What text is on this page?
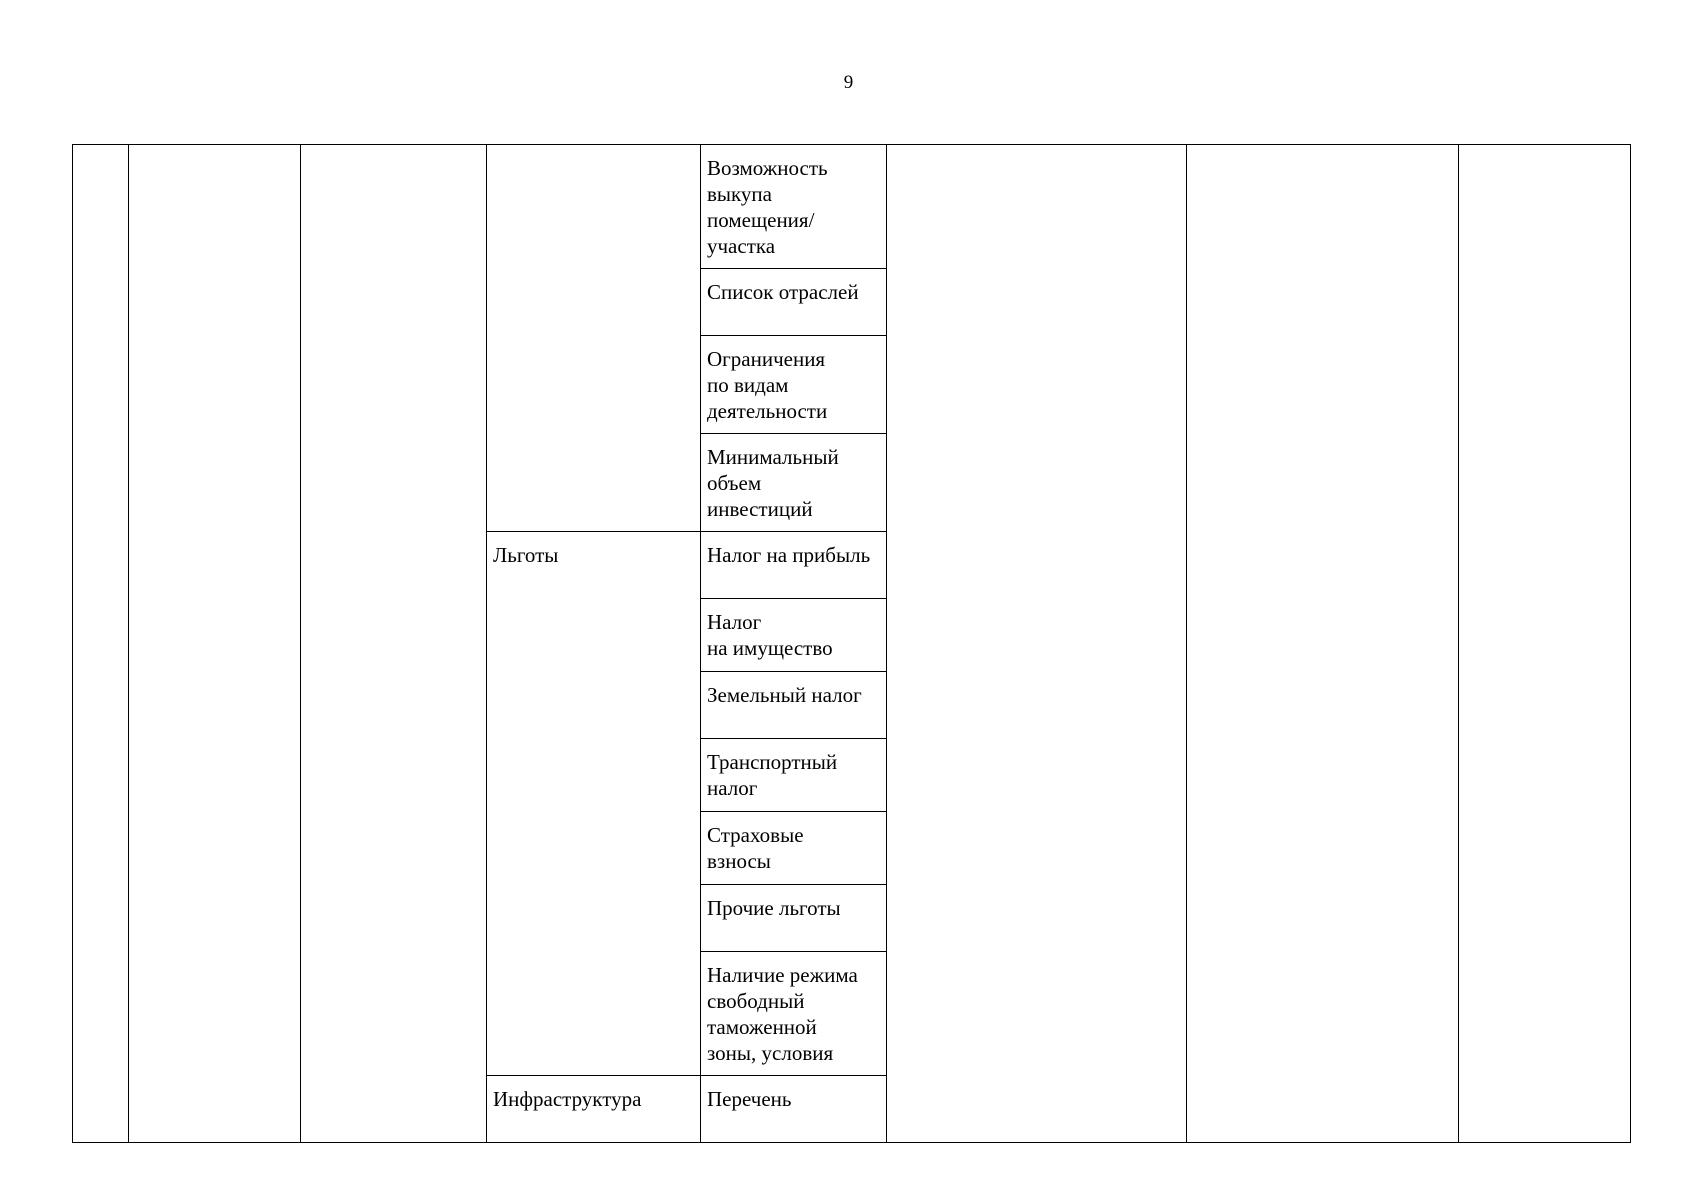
9

				Возможность
выкупа
помещения/
участка			

				Список отраслей			

				Ограничения
по видам
деятельности			

				Минимальный
объем
инвестиций			

			Льготы	Налог на прибыль			

				Налог
на имущество			

				Земельный налог			

				Транспортный
налог			

				Страховые
взносы			

				Прочие льготы			

				Наличие режима
свободный
таможенной
зоны, условия			

			Инфраструктура	Перечень			
